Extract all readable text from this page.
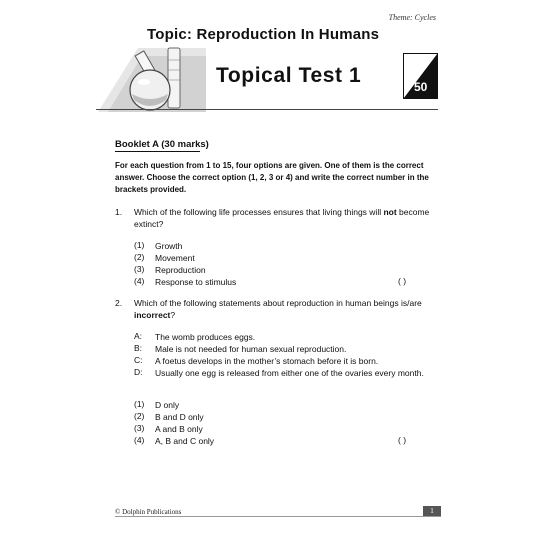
Theme: Cycles
Topic: Reproduction In Humans
Topical Test 1	50
Booklet A (30 marks)
For each question from 1 to 15, four options are given. One of them is the correct answer. Choose the correct option (1, 2, 3 or 4) and write the correct number in the brackets provided.
1. Which of the following life processes ensures that living things will not become extinct?
(1) Growth
(2) Movement
(3) Reproduction
(4) Response to stimulus	( )
2. Which of the following statements about reproduction in human beings is/are incorrect?
A: The womb produces eggs.
B: Male is not needed for human sexual reproduction.
C: A foetus develops in the mother’s stomach before it is born.
D: Usually one egg is released from either one of the ovaries every month.
(1) D only
(2) B and D only
(3) A and B only
(4) A, B and C only	( )
© Dolphin Publications	1
